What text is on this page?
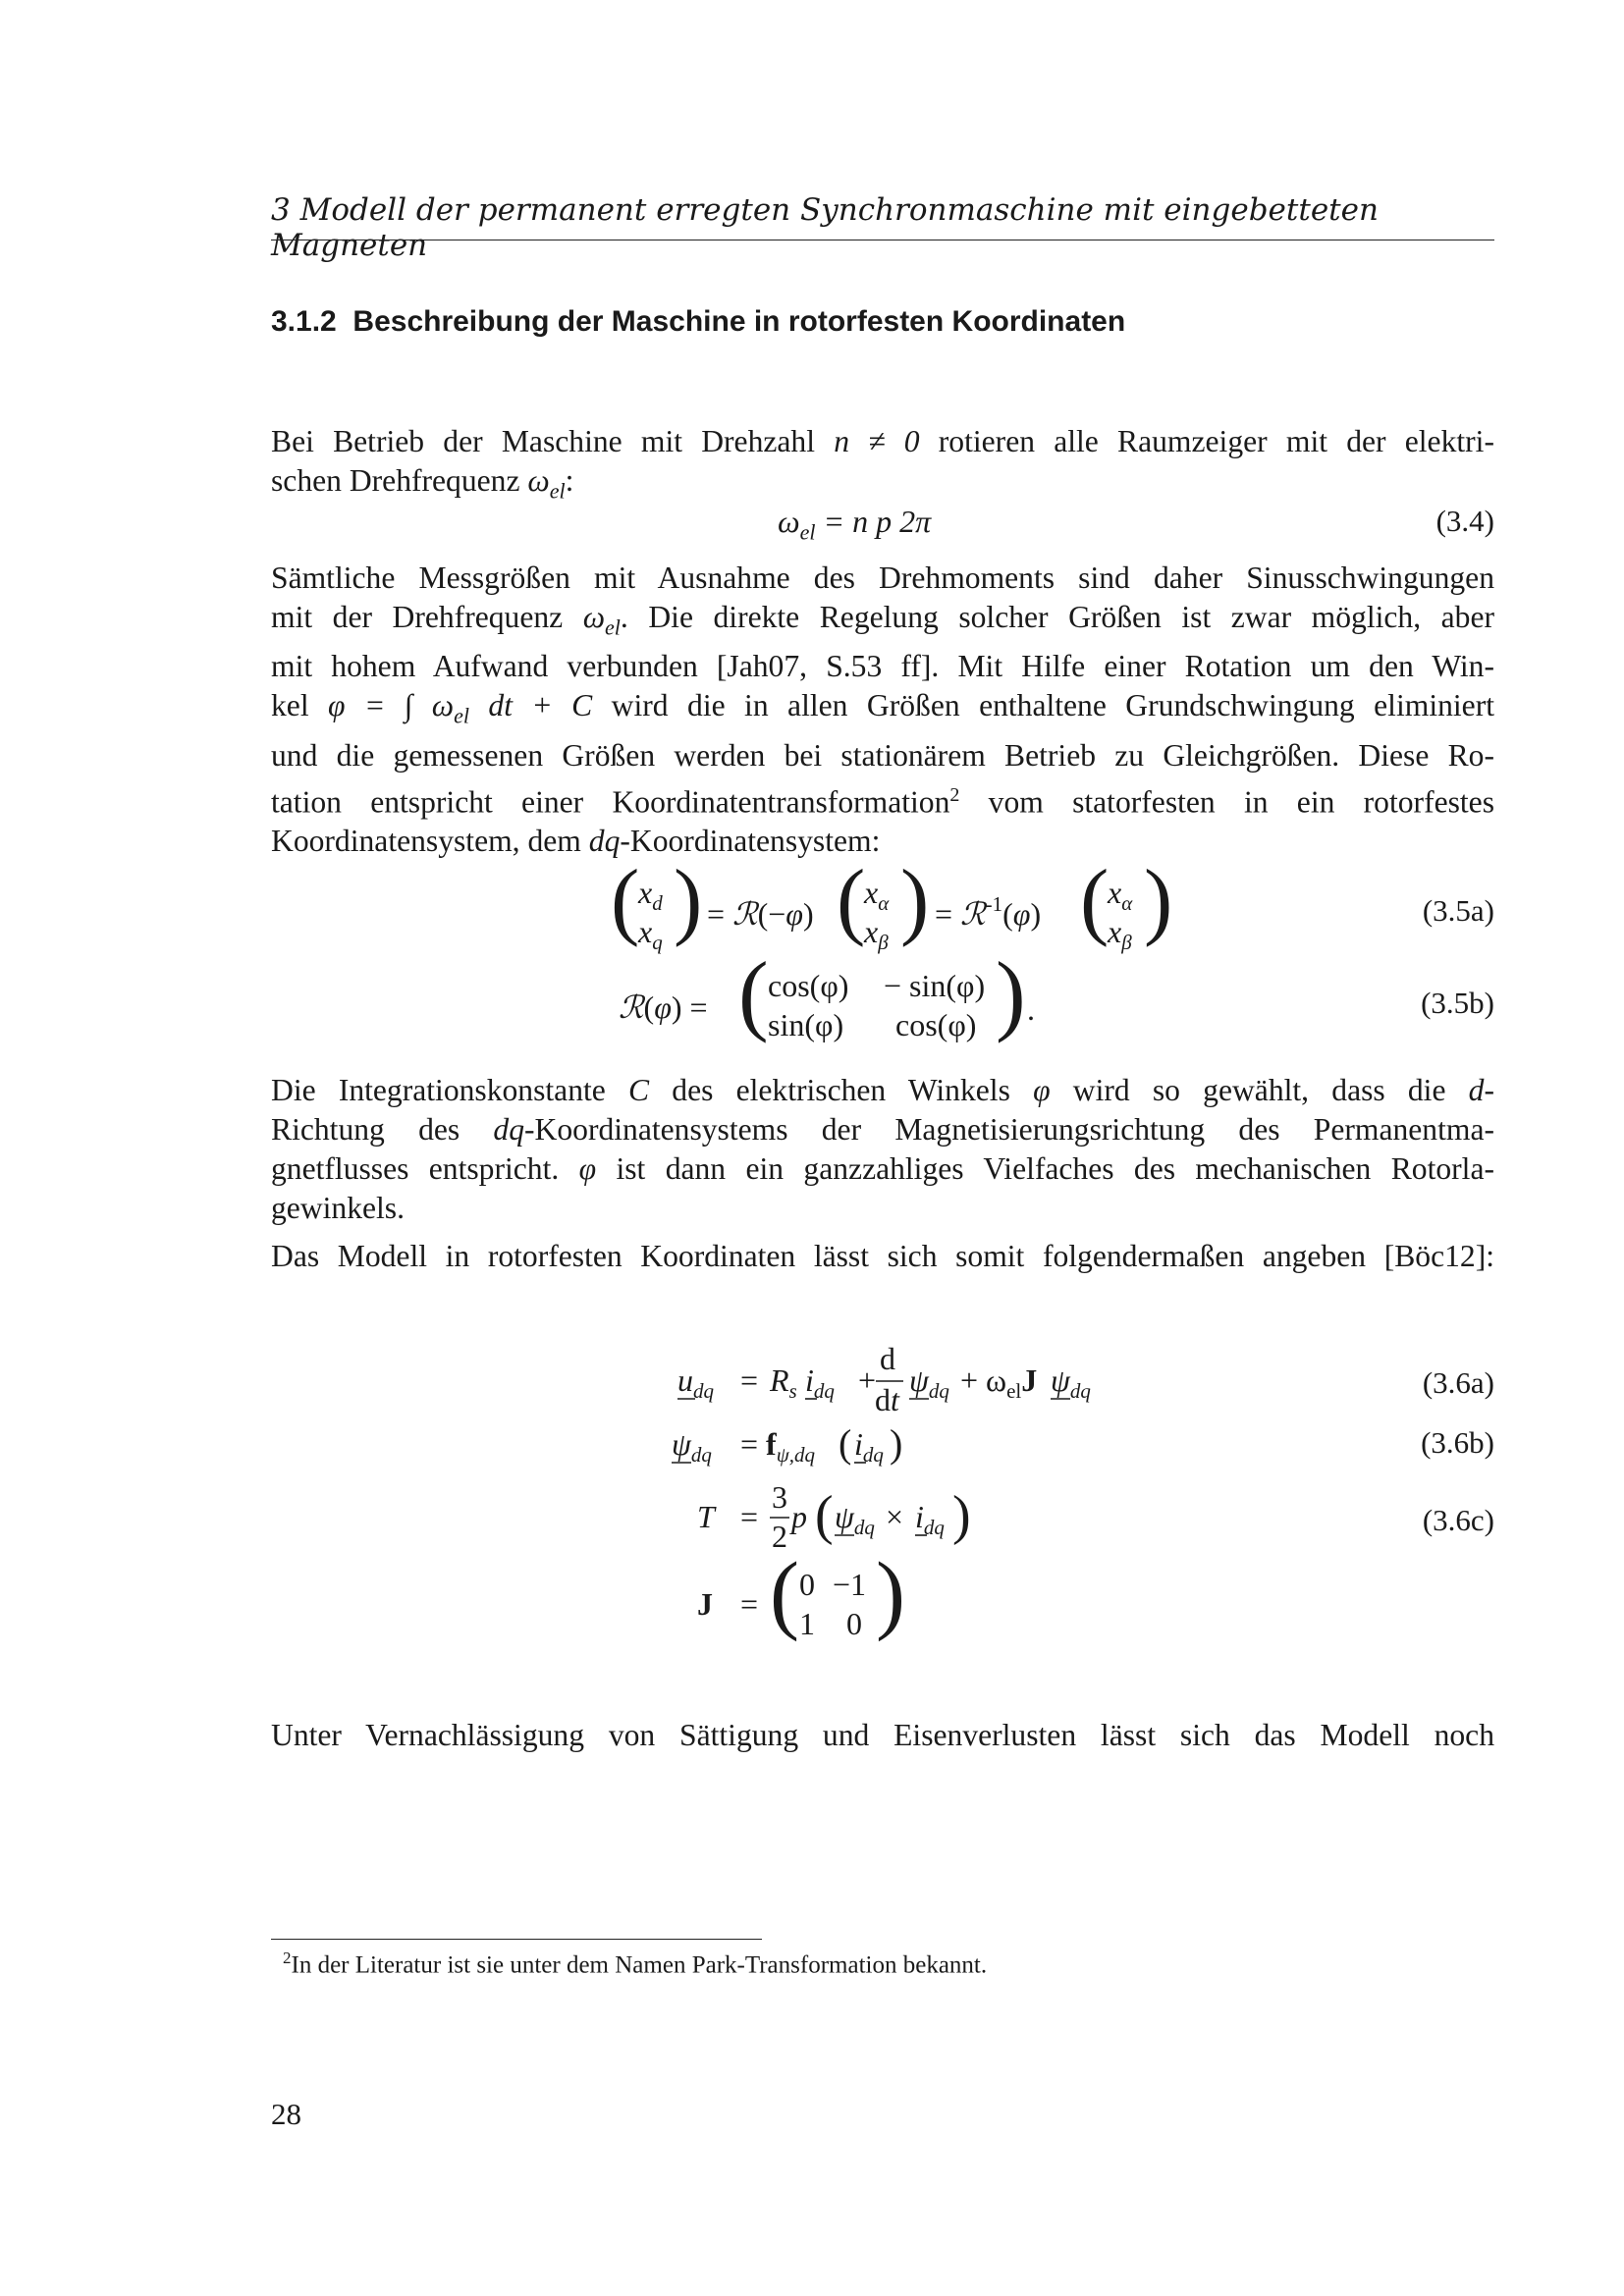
3 Modell der permanent erregten Synchronmaschine mit eingebetteten Magneten
3.1.2 Beschreibung der Maschine in rotorfesten Koordinaten
Bei Betrieb der Maschine mit Drehzahl n ≠ 0 rotieren alle Raumzeiger mit der elektri-
schen Drehfrequenz $\omega_{el}$:
$\omega_{el} = n$ p 2π	(3.4)
Sämtliche Messgrößen mit Ausnahme des Drehmoments sind daher Sinusschwingungen
mit der Drehfrequenz $\omega_{el}$. Die direkte Regelung solcher Größen ist zwar möglich, aber
mit hohem Aufwand verbunden [Jah07, S.53 ff]. Mit Hilfe einer Rotation um den Win-
kel φ = ∫ $\omega_{el}$ dt + C wird die in allen Größen enthaltene Grundschwingung eliminiert
und die gemessenen Größen werden bei stationärem Betrieb zu Gleichgrößen. Diese Ro-
tation entspricht einer Koordinatentransformation$^2$ vom statorfesten in ein rotorfestes
Koordinatensystem, dem dq-Koordinatensystem:
(
$x_d$
$x_q$ ) = ℛ(−φ) (
$x_\alpha$
$x_\beta$ ) = ℛ$^{-1}$(φ) (
$x_\alpha$
$x_\beta$ )	(3.5a)
ℛ(φ) = ( cos(φ) − sin(φ)
sin(φ) cos(φ) ) .	(3.5b)
Die Integrationskonstante C des elektrischen Winkels φ wird so gewählt, dass die d-
Richtung des dq-Koordinatensystems der Magnetisierungsrichtung des Permanentma-
gnetflusses entspricht. φ ist dann ein ganzzahliges Vielfaches des mechanischen Rotorla-
gewinkels.
Das Modell in rotorfesten Koordinaten lässt sich somit folgendermaßen angeben [Böc12]:
$u_{dq} = R_s$ $i_{dq}$ +
d
dt
$\psi_{dq} + \omega_{el}J$ $\psi_{dq}$	(3.6a)
$\psi_{dq} = f_{\psi,dq}$ ( $i_{dq}$ )	(3.6b)
T =
3
2
p ( $\psi_{dq} \times i_{dq}$ )	(3.6c)
J = ( 0 −1
1 0 )
Unter Vernachlässigung von Sättigung und Eisenverlusten lässt sich das Modell noch
$^2$In der Literatur ist sie unter dem Namen Park-Transformation bekannt.
28
